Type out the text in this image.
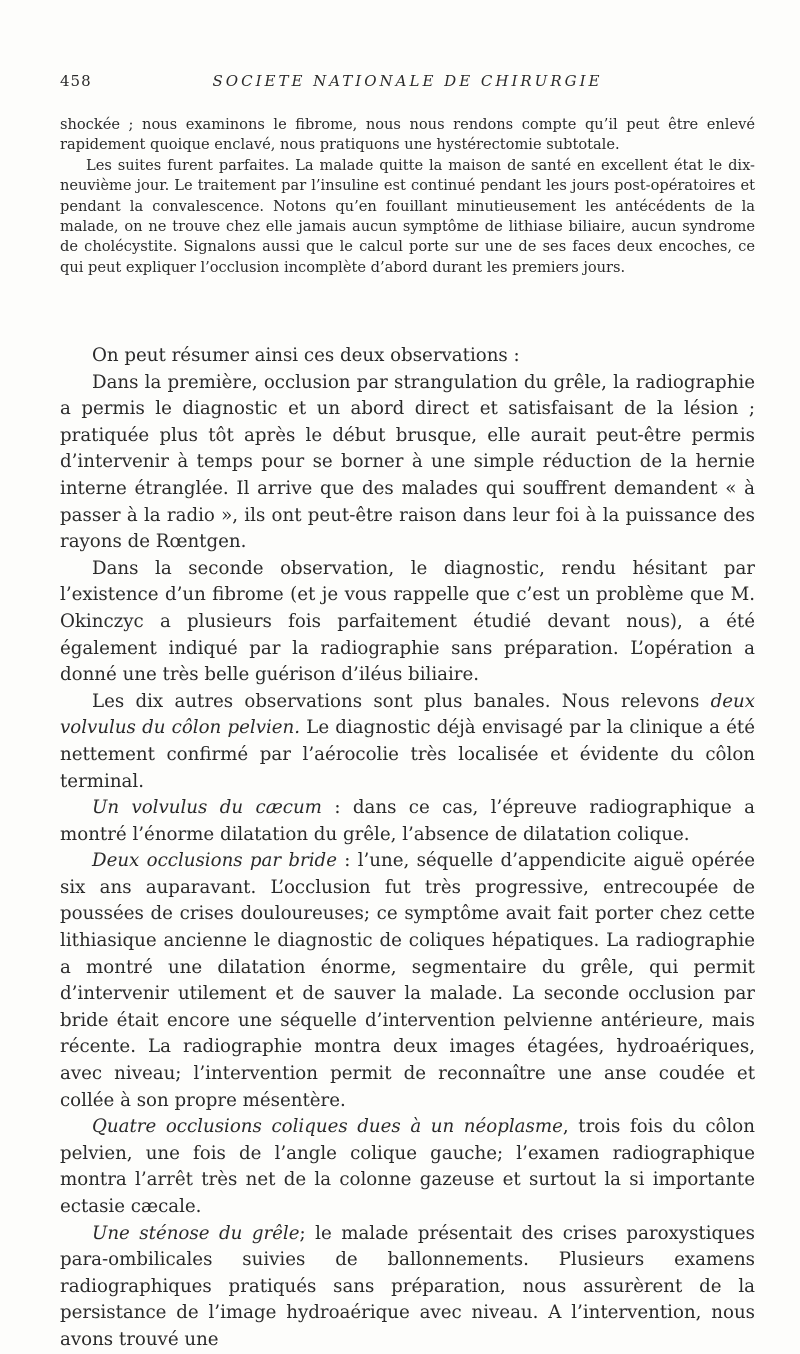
458	SOCIETE NATIONALE DE CHIRURGIE

shockée ; nous examinons le fibrome, nous nous rendons compte qu’il peut être enlevé rapidement quoique enclavé, nous pratiquons une hystérectomie subtotale.

Les suites furent parfaites. La malade quitte la maison de santé en excellent état le dix-neuvième jour. Le traitement par l’insuline est continué pendant les jours post-opératoires et pendant la convalescence. Notons qu’en fouillant minutieusement les antécédents de la malade, on ne trouve chez elle jamais aucun symptôme de lithiase biliaire, aucun syndrome de cholécystite. Signalons aussi que le calcul porte sur une de ses faces deux encoches, ce qui peut expliquer l’occlusion incomplète d’abord durant les premiers jours.

On peut résumer ainsi ces deux observations :

Dans la première, occlusion par strangulation du grêle, la radiographie a permis le diagnostic et un abord direct et satisfaisant de la lésion ; pratiquée plus tôt après le début brusque, elle aurait peut-être permis d’intervenir à temps pour se borner à une simple réduction de la hernie interne étranglée. Il arrive que des malades qui souffrent demandent « à passer à la radio », ils ont peut-être raison dans leur foi à la puissance des rayons de Rœntgen.

Dans la seconde observation, le diagnostic, rendu hésitant par l’existence d’un fibrome (et je vous rappelle que c’est un problème que M. Okinczyc a plusieurs fois parfaitement étudié devant nous), a été également indiqué par la radiographie sans préparation. L’opération a donné une très belle guérison d’iléus biliaire.

Les dix autres observations sont plus banales. Nous relevons deux volvulus du côlon pelvien. Le diagnostic déjà envisagé par la clinique a été nettement confirmé par l’aérocolie très localisée et évidente du côlon terminal.

Un volvulus du cæcum : dans ce cas, l’épreuve radiographique a montré l’énorme dilatation du grêle, l’absence de dilatation colique.

Deux occlusions par bride : l’une, séquelle d’appendicite aiguë opérée six ans auparavant. L’occlusion fut très progressive, entrecoupée de poussées de crises douloureuses; ce symptôme avait fait porter chez cette lithiasique ancienne le diagnostic de coliques hépatiques. La radiographie a montré une dilatation énorme, segmentaire du grêle, qui permit d’intervenir utilement et de sauver la malade. La seconde occlusion par bride était encore une séquelle d’intervention pelvienne antérieure, mais récente. La radiographie montra deux images étagées, hydroaériques, avec niveau; l’intervention permit de reconnaître une anse coudée et collée à son propre mésentère.

Quatre occlusions coliques dues à un néoplasme, trois fois du côlon pelvien, une fois de l’angle colique gauche; l’examen radiographique montra l’arrêt très net de la colonne gazeuse et surtout la si importante ectasie cæcale.

Une sténose du grêle; le malade présentait des crises paroxystiques para-ombilicales suivies de ballonnements. Plusieurs examens radiographiques pratiqués sans préparation, nous assurèrent de la persistance de l’image hydroaérique avec niveau. A l’intervention, nous avons trouvé une
